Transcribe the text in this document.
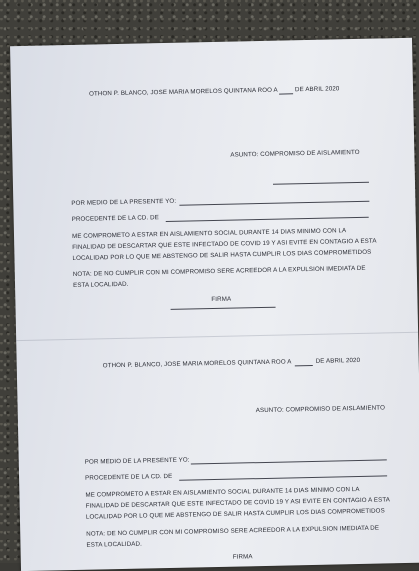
OTHON P. BLANCO, JOSE MARIA MORELOS QUINTANA ROO A	DE ABRIL 2020

ASUNTO: COMPROMISO DE AISLAMIENTO

POR MEDIO DE LA PRESENTE YO:

PROCEDENTE DE LA CD. DE

ME COMPROMETO A ESTAR EN AISLAMIENTO SOCIAL DURANTE 14 DIAS MINIMO CON LA

FINALIDAD DE DESCARTAR QUE ESTE INFECTADO DE COVID 19 Y ASI EVITE EN CONTAGIO A ESTA

LOCALIDAD POR LO QUE ME ABSTENGO DE SALIR HASTA CUMPLIR LOS DIAS COMPROMETIDOS

NOTA: DE NO CUMPLIR CON MI COMPROMISO SERE ACREEDOR A LA EXPULSION IMEDIATA DE

ESTA LOCALIDAD.

FIRMA

OTHON P. BLANCO, JOSE MARIA MORELOS QUINTANA ROO A	DE ABRIL 2020

ASUNTO: COMPROMISO DE AISLAMIENTO

POR MEDIO DE LA PRESENTE YO:

PROCEDENTE DE LA CD. DE

ME COMPROMETO A ESTAR EN AISLAMIENTO SOCIAL DURANTE 14 DIAS MINIMO CON LA

FINALIDAD DE DESCARTAR QUE ESTE INFECTADO DE COVID 19 Y ASI EVITE EN CONTAGIO A ESTA

LOCALIDAD POR LO QUE ME ABSTENGO DE SALIR HASTA CUMPLIR LOS DIAS COMPROMETIDOS

NOTA: DE NO CUMPLIR CON MI COMPROMISO SERE ACREEDOR A LA EXPULSION IMEDIATA DE

ESTA LOCALIDAD.

FIRMA
